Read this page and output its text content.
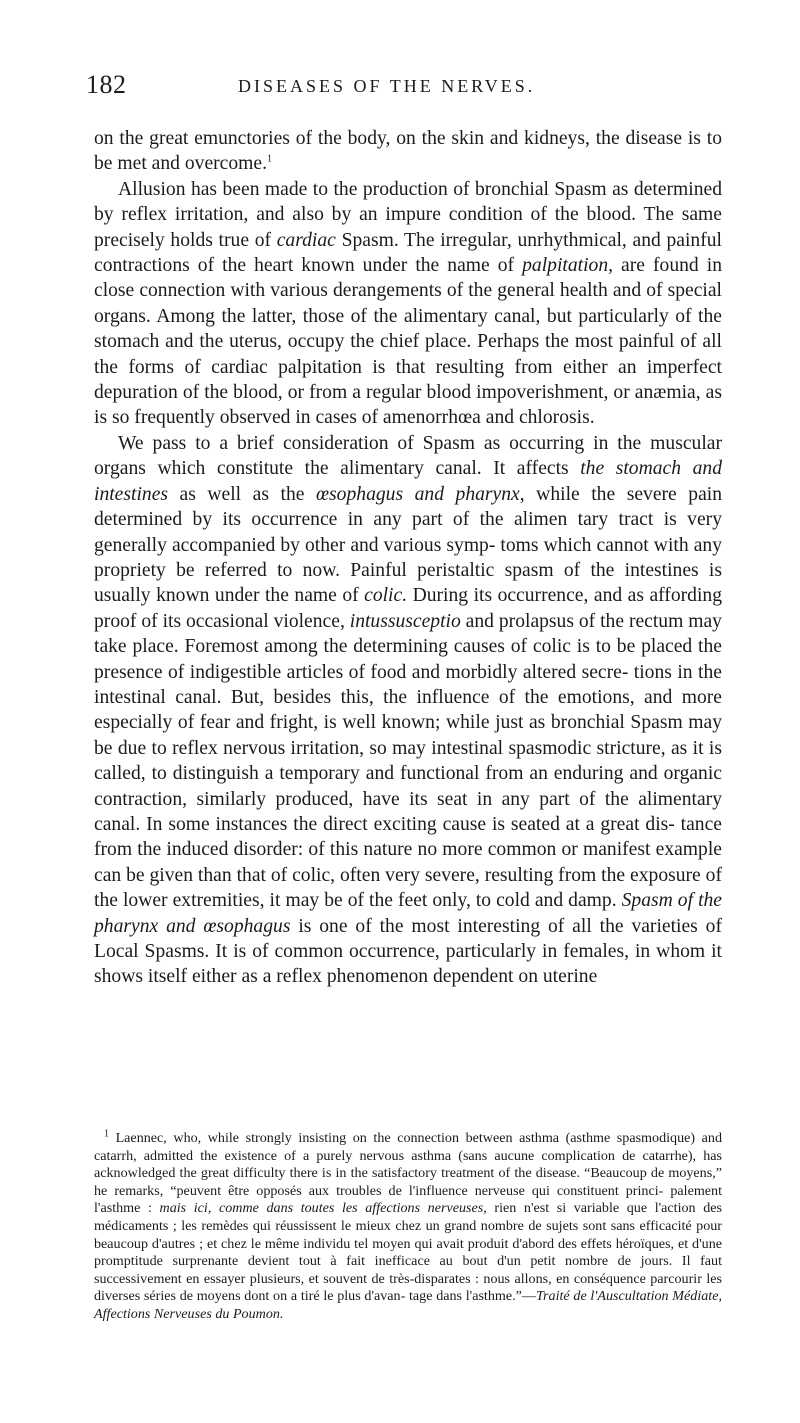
182	DISEASES OF THE NERVES.

on the great emunctories of the body, on the skin and kidneys, the disease is to be met and overcome.$^1$

Allusion has been made to the production of bronchial Spasm as determined by reflex irritation, and also by an impure condition of the blood. The same precisely holds true of cardiac Spasm. The irregular, unrhythmical, and painful contractions of the heart known under the name of palpitation, are found in close connection with various derangements of the general health and of special organs. Among the latter, those of the alimentary canal, but particularly of the stomach and the uterus, occupy the chief place. Perhaps the most painful of all the forms of cardiac palpitation is that resulting from either an imperfect depuration of the blood, or from a regular blood impoverishment, or anæmia, as is so frequently observed in cases of amenorrhœa and chlorosis.

We pass to a brief consideration of Spasm as occurring in the muscular organs which constitute the alimentary canal. It affects the stomach and intestines as well as the œsophagus and pharynx, while the severe pain determined by its occurrence in any part of the alimen tary tract is very generally accompanied by other and various symp- toms which cannot with any propriety be referred to now. Painful peristaltic spasm of the intestines is usually known under the name of colic. During its occurrence, and as affording proof of its occasional violence, intussusceptio and prolapsus of the rectum may take place. Foremost among the determining causes of colic is to be placed the presence of indigestible articles of food and morbidly altered secre- tions in the intestinal canal. But, besides this, the influence of the emotions, and more especially of fear and fright, is well known; while just as bronchial Spasm may be due to reflex nervous irritation, so may intestinal spasmodic stricture, as it is called, to distinguish a temporary and functional from an enduring and organic contraction, similarly produced, have its seat in any part of the alimentary canal. In some instances the direct exciting cause is seated at a great dis- tance from the induced disorder: of this nature no more common or manifest example can be given than that of colic, often very severe, resulting from the exposure of the lower extremities, it may be of the feet only, to cold and damp. Spasm of the pharynx and œsophagus is one of the most interesting of all the varieties of Local Spasms. It is of common occurrence, particularly in females, in whom it shows itself either as a reflex phenomenon dependent on uterine

$^1$ Laennec, who, while strongly insisting on the connection between asthma (asthme spasmodique) and catarrh, admitted the existence of a purely nervous asthma (sans aucune complication de catarrhe), has acknowledged the great difficulty there is in the satisfactory treatment of the disease. “Beaucoup de moyens,” he remarks, “peuvent être opposés aux troubles de l'influence nerveuse qui constituent princi- palement l'asthme : mais ici, comme dans toutes les affections nerveuses, rien n'est si variable que l'action des médicaments ; les remèdes qui réussissent le mieux chez un grand nombre de sujets sont sans efficacité pour beaucoup d'autres ; et chez le même individu tel moyen qui avait produit d'abord des effets héroïques, et d'une promptitude surprenante devient tout à fait inefficace au bout d'un petit nombre de jours. Il faut successivement en essayer plusieurs, et souvent de très-disparates : nous allons, en conséquence parcourir les diverses séries de moyens dont on a tiré le plus d'avan- tage dans l'asthme.”—Traité de l'Auscultation Médiate, Affections Nerveuses du Poumon.
